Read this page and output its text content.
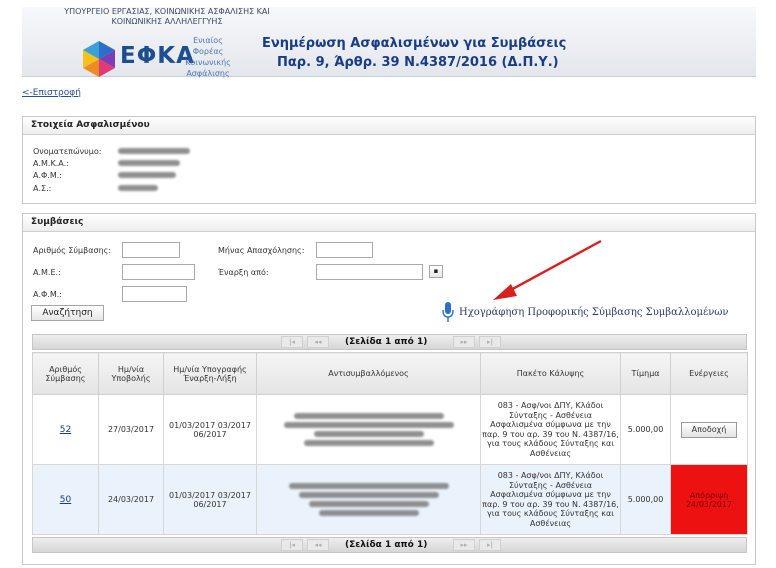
ΥΠΟΥΡΓΕΙΟ ΕΡΓΑΣΙΑΣ, ΚΟΙΝΩΝΙΚΗΣ ΑΣΦΑΛΙΣΗΣ ΚΑΙ ΚΟΙΝΩΝΙΚΗΣ ΑΛΛΗΛΕΓΓΥΗΣ
ΕΦΚΑ
Ενιαίος
Φορέας
Κοινωνικής
Ασφάλισης
Ενημέρωση Ασφαλισμένων για Συμβάσεις
Παρ. 9, Άρθρ. 39 Ν.4387/2016 (Δ.Π.Υ.)
<-Επιστροφή
Στοιχεία Ασφαλισμένου
Ονοματεπώνυμο:
Α.Μ.Κ.Α.:
Α.Φ.Μ.:
Α.Σ.:
Συμβάσεις
Αριθμός Σύμβασης:
Α.Μ.Ε.:
Α.Φ.Μ.:
Μήνας Απασχόλησης:
Έναρξη από:	▪
Αναζήτηση	Ηχογράφηση Προφορικής Σύμβασης Συμβαλλομένων
|◂	◂◂	(Σελίδα 1 από 1)	▸▸	▸|
Αριθμός Σύμβασης	Ημ/νία Υποβολής	Ημ/νία Υπογραφής Έναρξη-Λήξη	Αντισυμβαλλόμενος	Πακέτο Κάλυψης	Τίμημα	Ενέργειες
52	27/03/2017	01/03/2017 03/2017 06/2017		083 - Ασφ/νοι ΔΠΥ, Κλάδοι Σύνταξης - Ασθένεια Ασφαλισμένα σύμφωνα με την παρ. 9 του αρ. 39 του Ν. 4387/16, για τους κλάδους Σύνταξης και Ασθένειας	5.000,00	Αποδοχή
50	24/03/2017	01/03/2017 03/2017 06/2017		083 - Ασφ/νοι ΔΠΥ, Κλάδοι Σύνταξης - Ασθένεια Ασφαλισμένα σύμφωνα με την παρ. 9 του αρ. 39 του Ν. 4387/16, για τους κλάδους Σύνταξης και Ασθένειας	5.000,00	Απόρριψη 24/03/2017
|◂	◂◂	(Σελίδα 1 από 1)	▸▸	▸|
